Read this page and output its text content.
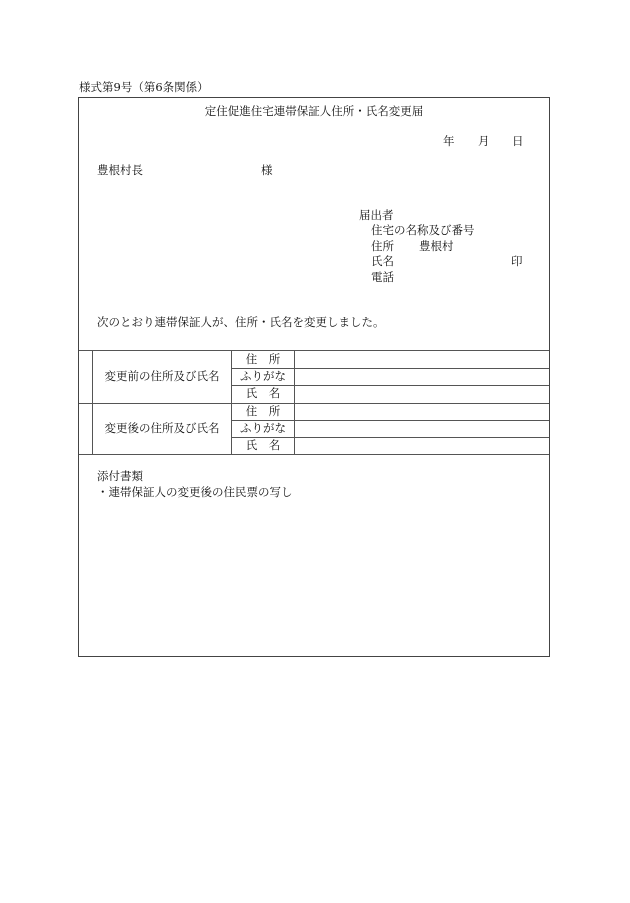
様式第9号（第6条関係）
定住促進住宅連帯保証人住所・氏名変更届
年 月 日
豊根村長	様
届出者
住宅の名称及び番号
住所 豊根村
氏名	印
電話
次のとおり連帯保証人が、住所・氏名を変更しました。
変更前の住所及び氏名
住　所
ふりがな
氏　名
変更後の住所及び氏名
住　所
ふりがな
氏　名
添付書類
・連帯保証人の変更後の住民票の写し
